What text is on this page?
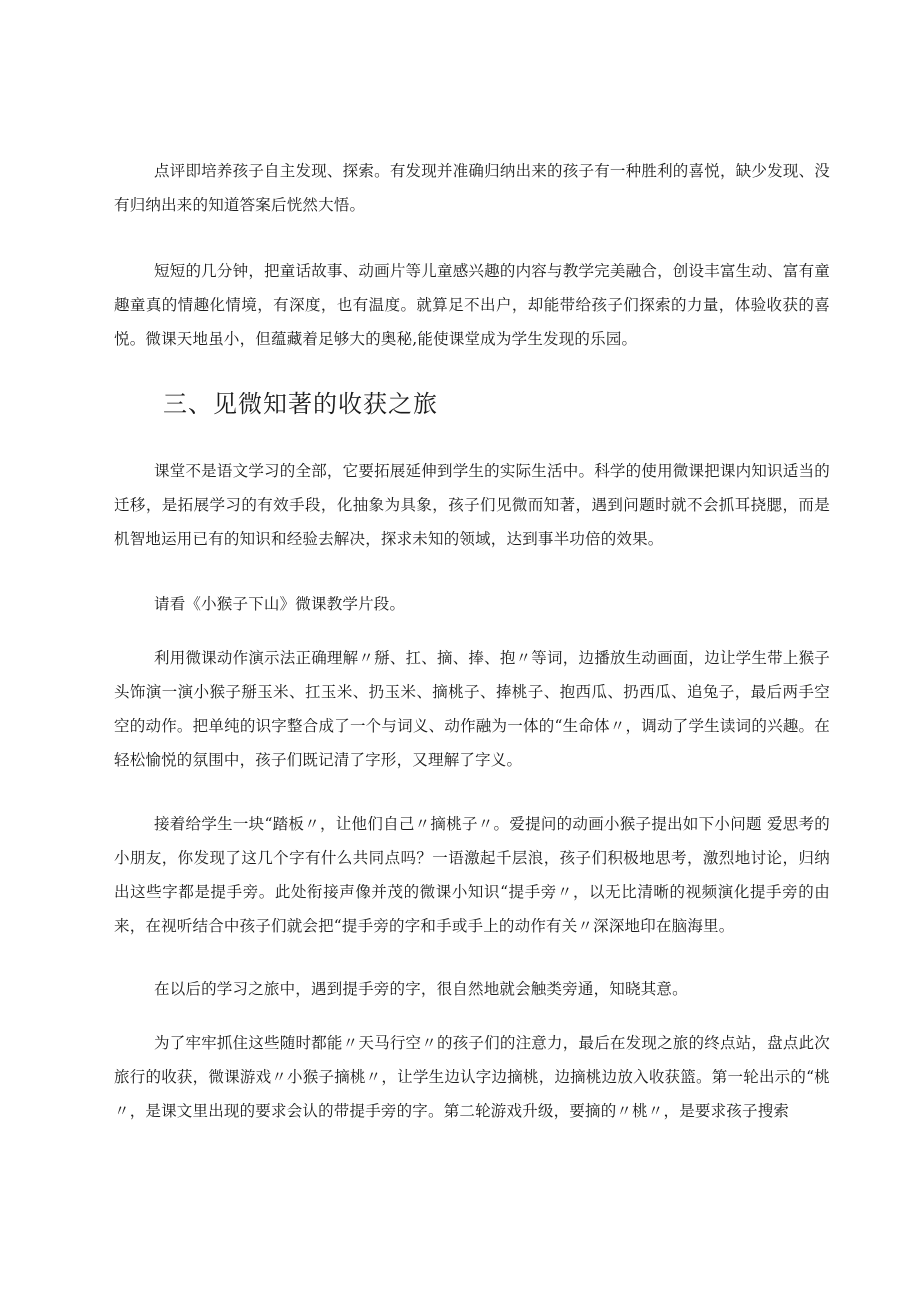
点评即培养孩子自主发现、探索。有发现并准确归纳出来的孩子有一种胜利的喜悦，缺少发现、没有归纳出来的知道答案后恍然大悟。

短短的几分钟，把童话故事、动画片等儿童感兴趣的内容与教学完美融合，创设丰富生动、富有童趣童真的情趣化情境，有深度，也有温度。就算足不出户，却能带给孩子们探索的力量，体验收获的喜悦。微课天地虽小，但蕴藏着足够大的奥秘,能使课堂成为学生发现的乐园。

三、见微知著的收获之旅

课堂不是语文学习的全部，它要拓展延伸到学生的实际生活中。科学的使用微课把课内知识适当的迁移，是拓展学习的有效手段，化抽象为具象，孩子们见微而知著，遇到问题时就不会抓耳挠腮，而是机智地运用已有的知识和经验去解决，探求未知的领域，达到事半功倍的效果。

请看《小猴子下山》微课教学片段。

利用微课动作演示法正确理解〃掰、扛、摘、捧、抱〃等词，边播放生动画面，边让学生带上猴子头饰演一演小猴子掰玉米、扛玉米、扔玉米、摘桃子、捧桃子、抱西瓜、扔西瓜、追兔子，最后两手空空的动作。把单纯的识字整合成了一个与词义、动作融为一体的“生命体〃，调动了学生读词的兴趣。在轻松愉悦的氛围中，孩子们既记清了字形，又理解了字义。

接着给学生一块“踏板〃，让他们自己〃摘桃子〃。爱提问的动画小猴子提出如下小问题 爱思考的小朋友，你发现了这几个字有什么共同点吗？一语激起千层浪，孩子们积极地思考，激烈地讨论，归纳出这些字都是提手旁。此处衔接声像并茂的微课小知识“提手旁〃，以无比清晰的视频演化提手旁的由来，在视听结合中孩子们就会把“提手旁的字和手或手上的动作有关〃深深地印在脑海里。

在以后的学习之旅中，遇到提手旁的字，很自然地就会触类旁通，知晓其意。

为了牢牢抓住这些随时都能〃天马行空〃的孩子们的注意力，最后在发现之旅的终点站，盘点此次旅行的收获，微课游戏〃小猴子摘桃〃，让学生边认字边摘桃，边摘桃边放入收获篮。第一轮出示的“桃〃，是课文里出现的要求会认的带提手旁的字。第二轮游戏升级，要摘的〃桃〃，是要求孩子搜索
